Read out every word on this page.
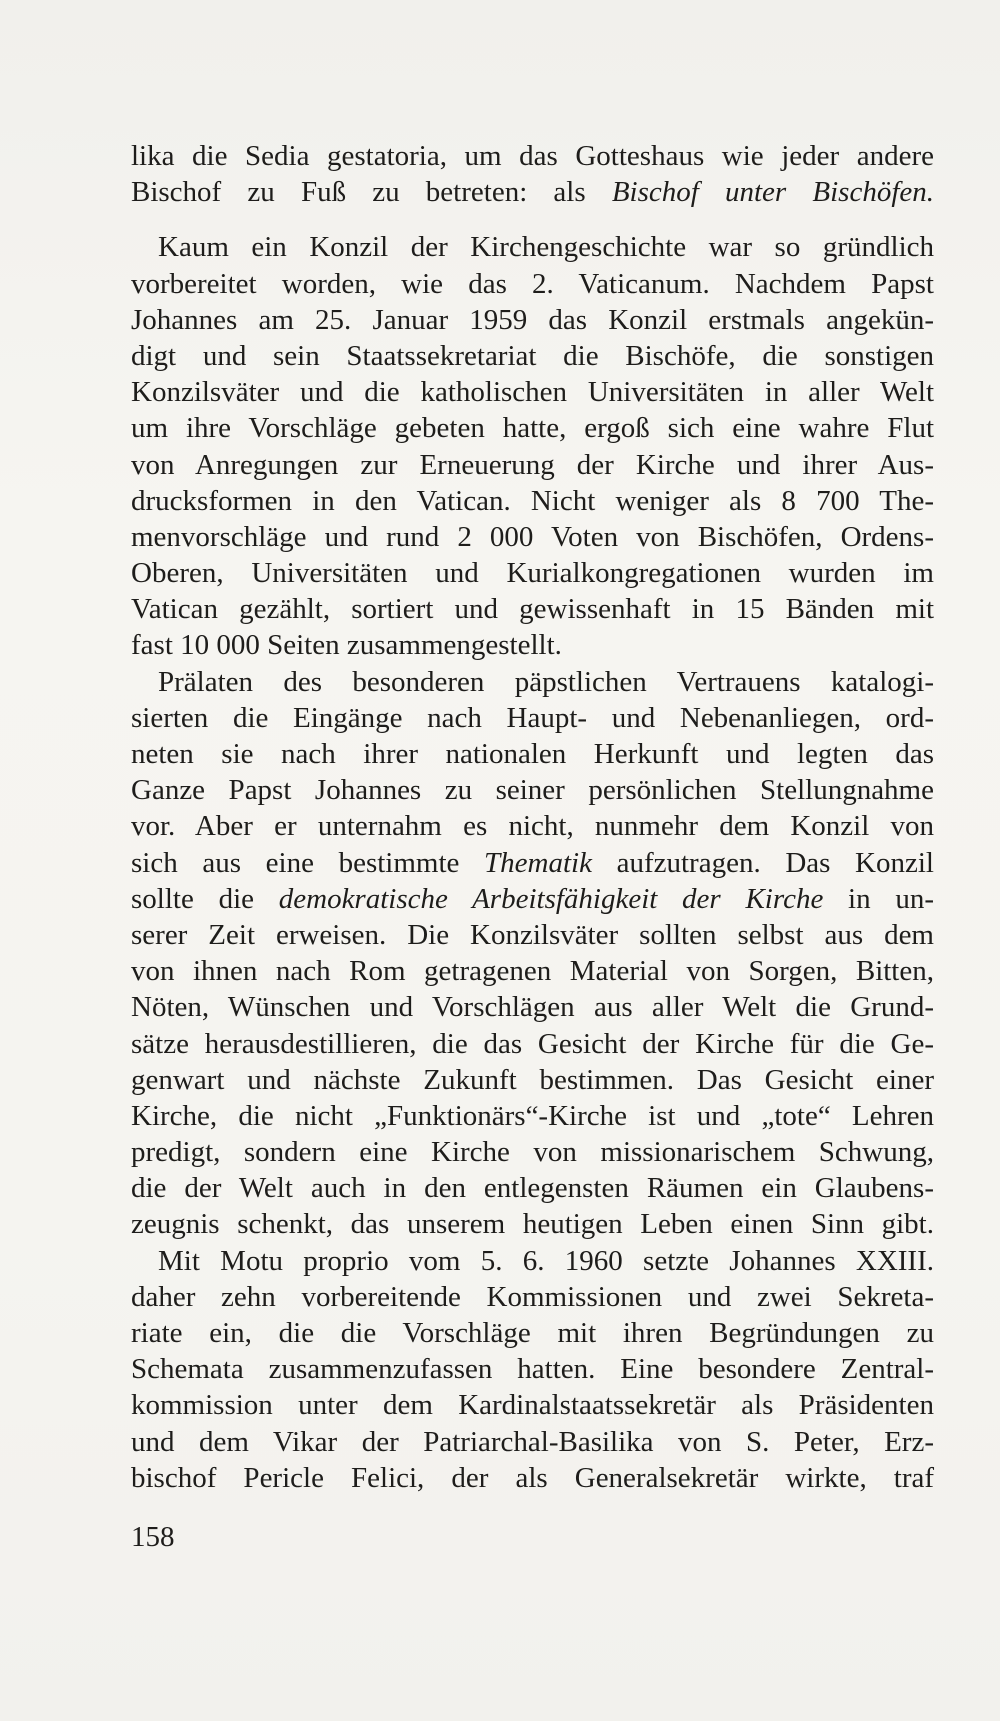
lika die Sedia gestatoria, um das Gotteshaus wie jeder andere
Bischof zu Fuß zu betreten: als Bischof unter Bischöfen.
Kaum ein Konzil der Kirchengeschichte war so gründlich
vorbereitet worden, wie das 2. Vaticanum. Nachdem Papst
Johannes am 25. Januar 1959 das Konzil erstmals angekün-
digt und sein Staatssekretariat die Bischöfe, die sonstigen
Konzilsväter und die katholischen Universitäten in aller Welt
um ihre Vorschläge gebeten hatte, ergoß sich eine wahre Flut
von Anregungen zur Erneuerung der Kirche und ihrer Aus-
drucksformen in den Vatican. Nicht weniger als 8 700 The-
menvorschläge und rund 2 000 Voten von Bischöfen, Ordens-
Oberen, Universitäten und Kurialkongregationen wurden im
Vatican gezählt, sortiert und gewissenhaft in 15 Bänden mit
fast 10 000 Seiten zusammengestellt.
Prälaten des besonderen päpstlichen Vertrauens katalogi-
sierten die Eingänge nach Haupt- und Nebenanliegen, ord-
neten sie nach ihrer nationalen Herkunft und legten das
Ganze Papst Johannes zu seiner persönlichen Stellungnahme
vor. Aber er unternahm es nicht, nunmehr dem Konzil von
sich aus eine bestimmte Thematik aufzutragen. Das Konzil
sollte die demokratische Arbeitsfähigkeit der Kirche in un-
serer Zeit erweisen. Die Konzilsväter sollten selbst aus dem
von ihnen nach Rom getragenen Material von Sorgen, Bitten,
Nöten, Wünschen und Vorschlägen aus aller Welt die Grund-
sätze herausdestillieren, die das Gesicht der Kirche für die Ge-
genwart und nächste Zukunft bestimmen. Das Gesicht einer
Kirche, die nicht „Funktionärs“-Kirche ist und „tote“ Lehren
predigt, sondern eine Kirche von missionarischem Schwung,
die der Welt auch in den entlegensten Räumen ein Glaubens-
zeugnis schenkt, das unserem heutigen Leben einen Sinn gibt.
Mit Motu proprio vom 5. 6. 1960 setzte Johannes XXIII.
daher zehn vorbereitende Kommissionen und zwei Sekreta-
riate ein, die die Vorschläge mit ihren Begründungen zu
Schemata zusammenzufassen hatten. Eine besondere Zentral-
kommission unter dem Kardinalstaatssekretär als Präsidenten
und dem Vikar der Patriarchal-Basilika von S. Peter, Erz-
bischof Pericle Felici, der als Generalsekretär wirkte, traf
158
